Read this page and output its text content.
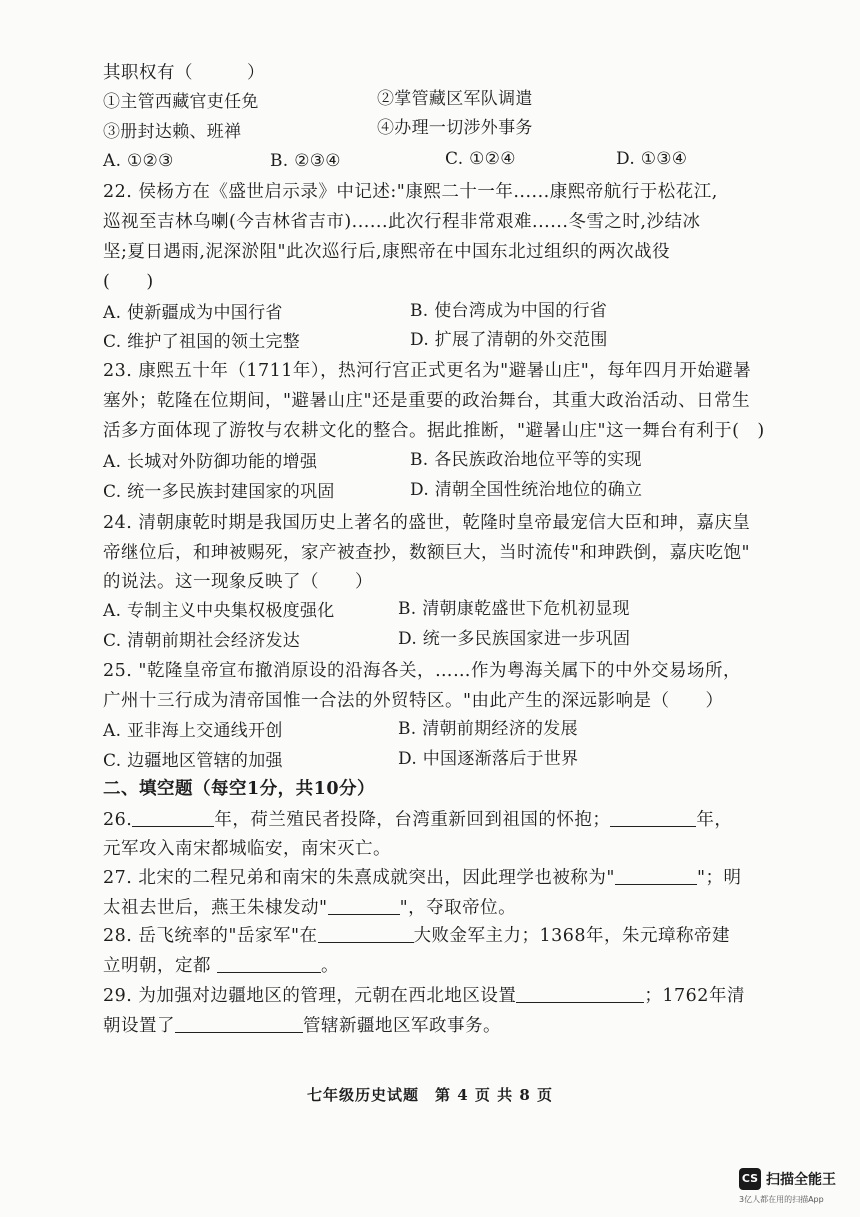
其职权有（　　　）
①主管西藏官吏任免	②掌管藏区军队调遣
③册封达赖、班禅	④办理一切涉外事务
A. ①②③	B. ②③④	C. ①②④	D. ①③④
22. 侯杨方在《盛世启示录》中记述:"康熙二十一年......康熙帝航行于松花江,
巡视至吉林乌喇(今吉林省吉市)......此次行程非常艰难......冬雪之时,沙结冰
坚;夏日遇雨,泥深淤阻"此次巡行后,康熙帝在中国东北过组织的两次战役
(　　)
A. 使新疆成为中国行省	B. 使台湾成为中国的行省
C. 维护了祖国的领土完整	D. 扩展了清朝的外交范围
23. 康熙五十年（1711年），热河行宫正式更名为"避暑山庄"，每年四月开始避暑
塞外；乾隆在位期间，"避暑山庄"还是重要的政治舞台，其重大政治活动、日常生
活多方面体现了游牧与农耕文化的整合。据此推断，"避暑山庄"这一舞台有利于(　)
A. 长城对外防御功能的增强	B. 各民族政治地位平等的实现
C. 统一多民族封建国家的巩固	D. 清朝全国性统治地位的确立
24. 清朝康乾时期是我国历史上著名的盛世，乾隆时皇帝最宠信大臣和珅，嘉庆皇
帝继位后，和珅被赐死，家产被查抄，数额巨大，当时流传"和珅跌倒，嘉庆吃饱"
的说法。这一现象反映了（　　）
A. 专制主义中央集权极度强化	B. 清朝康乾盛世下危机初显现
C. 清朝前期社会经济发达	D. 统一多民族国家进一步巩固
25. "乾隆皇帝宣布撤消原设的沿海各关，……作为粤海关属下的中外交易场所，
广州十三行成为清帝国惟一合法的外贸特区。"由此产生的深远影响是（　　）
A. 亚非海上交通线开创	B. 清朝前期经济的发展
C. 边疆地区管辖的加强	D. 中国逐渐落后于世界
二、填空题（每空1分，共10分）
26.	年，荷兰殖民者投降，台湾重新回到祖国的怀抱；	年，
元军攻入南宋都城临安，南宋灭亡。
27. 北宋的二程兄弟和南宋的朱熹成就突出，因此理学也被称为"	"；明
太祖去世后，燕王朱棣发动"	"，夺取帝位。
28. 岳飞统率的"岳家军"在	大败金军主力；1368年，朱元璋称帝建
立明朝，定都	。
29. 为加强对边疆地区的管理，元朝在西北地区设置	；1762年清
朝设置了	管辖新疆地区军政事务。
七年级历史试题　第 4 页 共 8 页
CS 扫描全能王
3亿人都在用的扫描App
